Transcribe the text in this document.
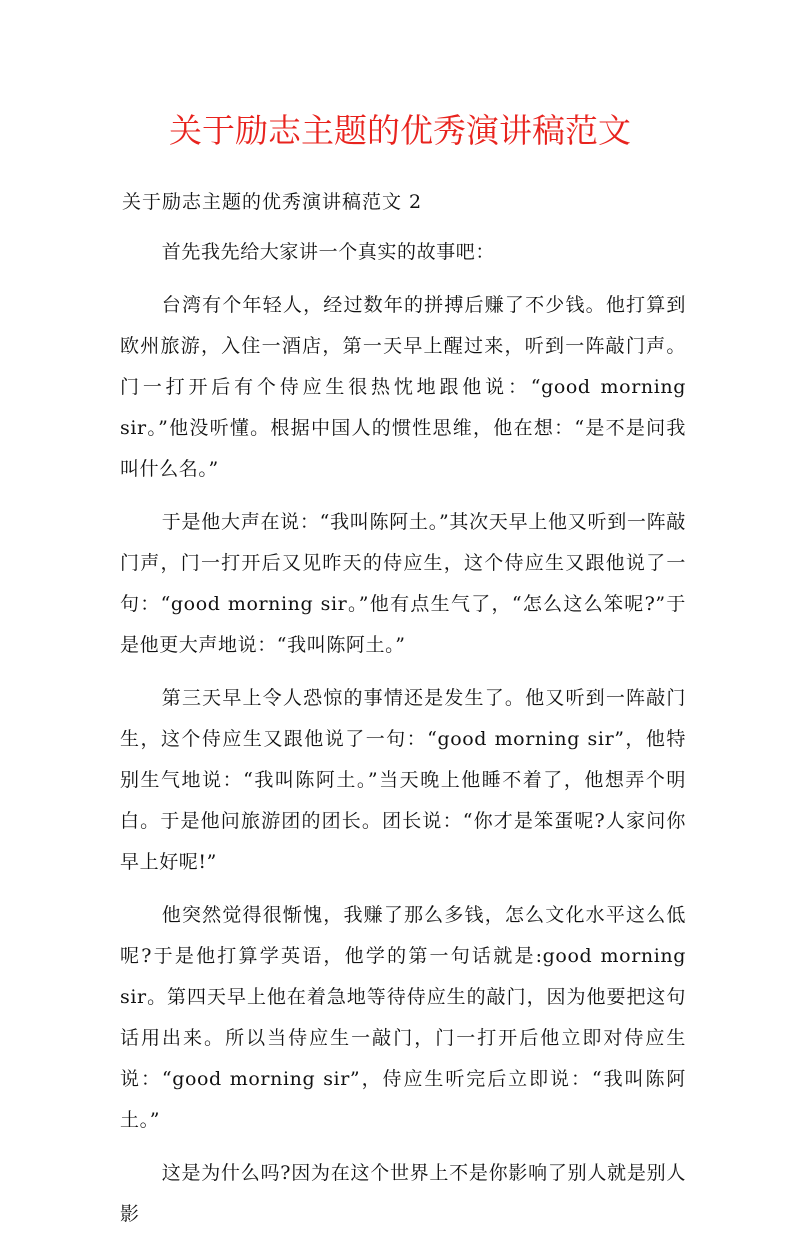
关于励志主题的优秀演讲稿范文
关于励志主题的优秀演讲稿范文 2

首先我先给大家讲一个真实的故事吧：

台湾有个年轻人，经过数年的拼搏后赚了不少钱。他打算到欧州旅游，入住一酒店，第一天早上醒过来，听到一阵敲门声。门一打开后有个侍应生很热忱地跟他说：“good morning sir。”他没听懂。根据中国人的惯性思维，他在想：“是不是问我叫什么名。”

于是他大声在说：“我叫陈阿土。”其次天早上他又听到一阵敲门声，门一打开后又见昨天的侍应生，这个侍应生又跟他说了一句：“good morning sir。”他有点生气了，“怎么这么笨呢?”于是他更大声地说：“我叫陈阿土。”

第三天早上令人恐惊的事情还是发生了。他又听到一阵敲门生，这个侍应生又跟他说了一句：“good morning sir”，他特别生气地说：“我叫陈阿土。”当天晚上他睡不着了，他想弄个明白。于是他问旅游团的团长。团长说：“你才是笨蛋呢?人家问你早上好呢!”

他突然觉得很惭愧，我赚了那么多钱，怎么文化水平这么低呢?于是他打算学英语，他学的第一句话就是:good morning sir。第四天早上他在着急地等待侍应生的敲门，因为他要把这句话用出来。所以当侍应生一敲门，门一打开后他立即对侍应生说：“good morning sir”，侍应生听完后立即说：“我叫陈阿土。”

这是为什么吗?因为在这个世界上不是你影响了别人就是别人影
